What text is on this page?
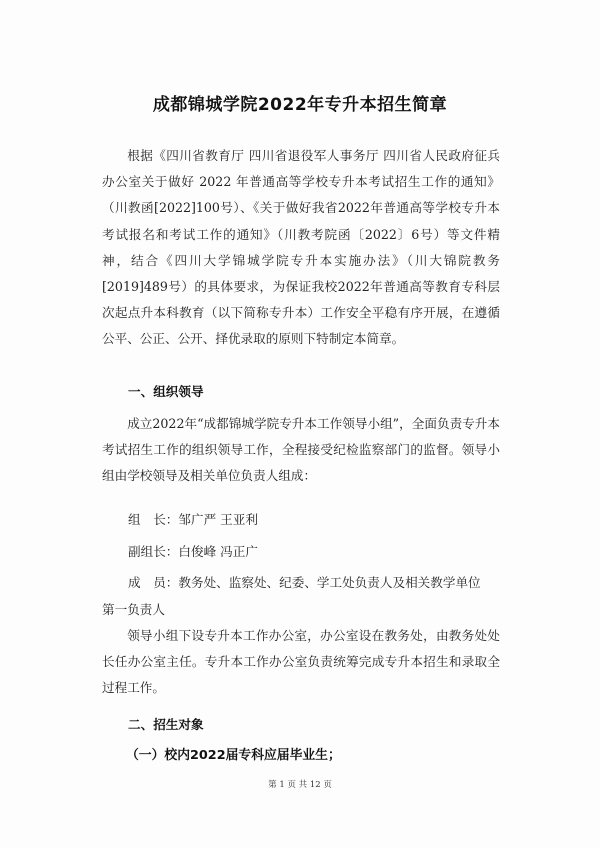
成都锦城学院2022年专升本招生简章

根据《四川省教育厅 四川省退役军人事务厅 四川省人民政府征兵办公室关于做好 2022 年普通高等学校专升本考试招生工作的通知》（川教函[2022]100号）、《关于做好我省2022年普通高等学校专升本考试报名和考试工作的通知》（川教考院函〔2022〕6号）等文件精神，结合《四川大学锦城学院专升本实施办法》（川大锦院教务[2019]489号）的具体要求，为保证我校2022年普通高等教育专科层次起点升本科教育（以下简称专升本）工作安全平稳有序开展，在遵循公平、公正、公开、择优录取的原则下特制定本简章。

一、组织领导

成立2022年“成都锦城学院专升本工作领导小组”，全面负责专升本考试招生工作的组织领导工作，全程接受纪检监察部门的监督。领导小组由学校领导及相关单位负责人组成：

组　长：邹广严 王亚利
副组长：白俊峰 冯正广
成　员：教务处、监察处、纪委、学工处负责人及相关教学单位
第一负责人

领导小组下设专升本工作办公室，办公室设在教务处，由教务处处长任办公室主任。专升本工作办公室负责统筹完成专升本招生和录取全过程工作。

二、招生对象
（一）校内2022届专科应届毕业生；
第 1 页 共 12 页
